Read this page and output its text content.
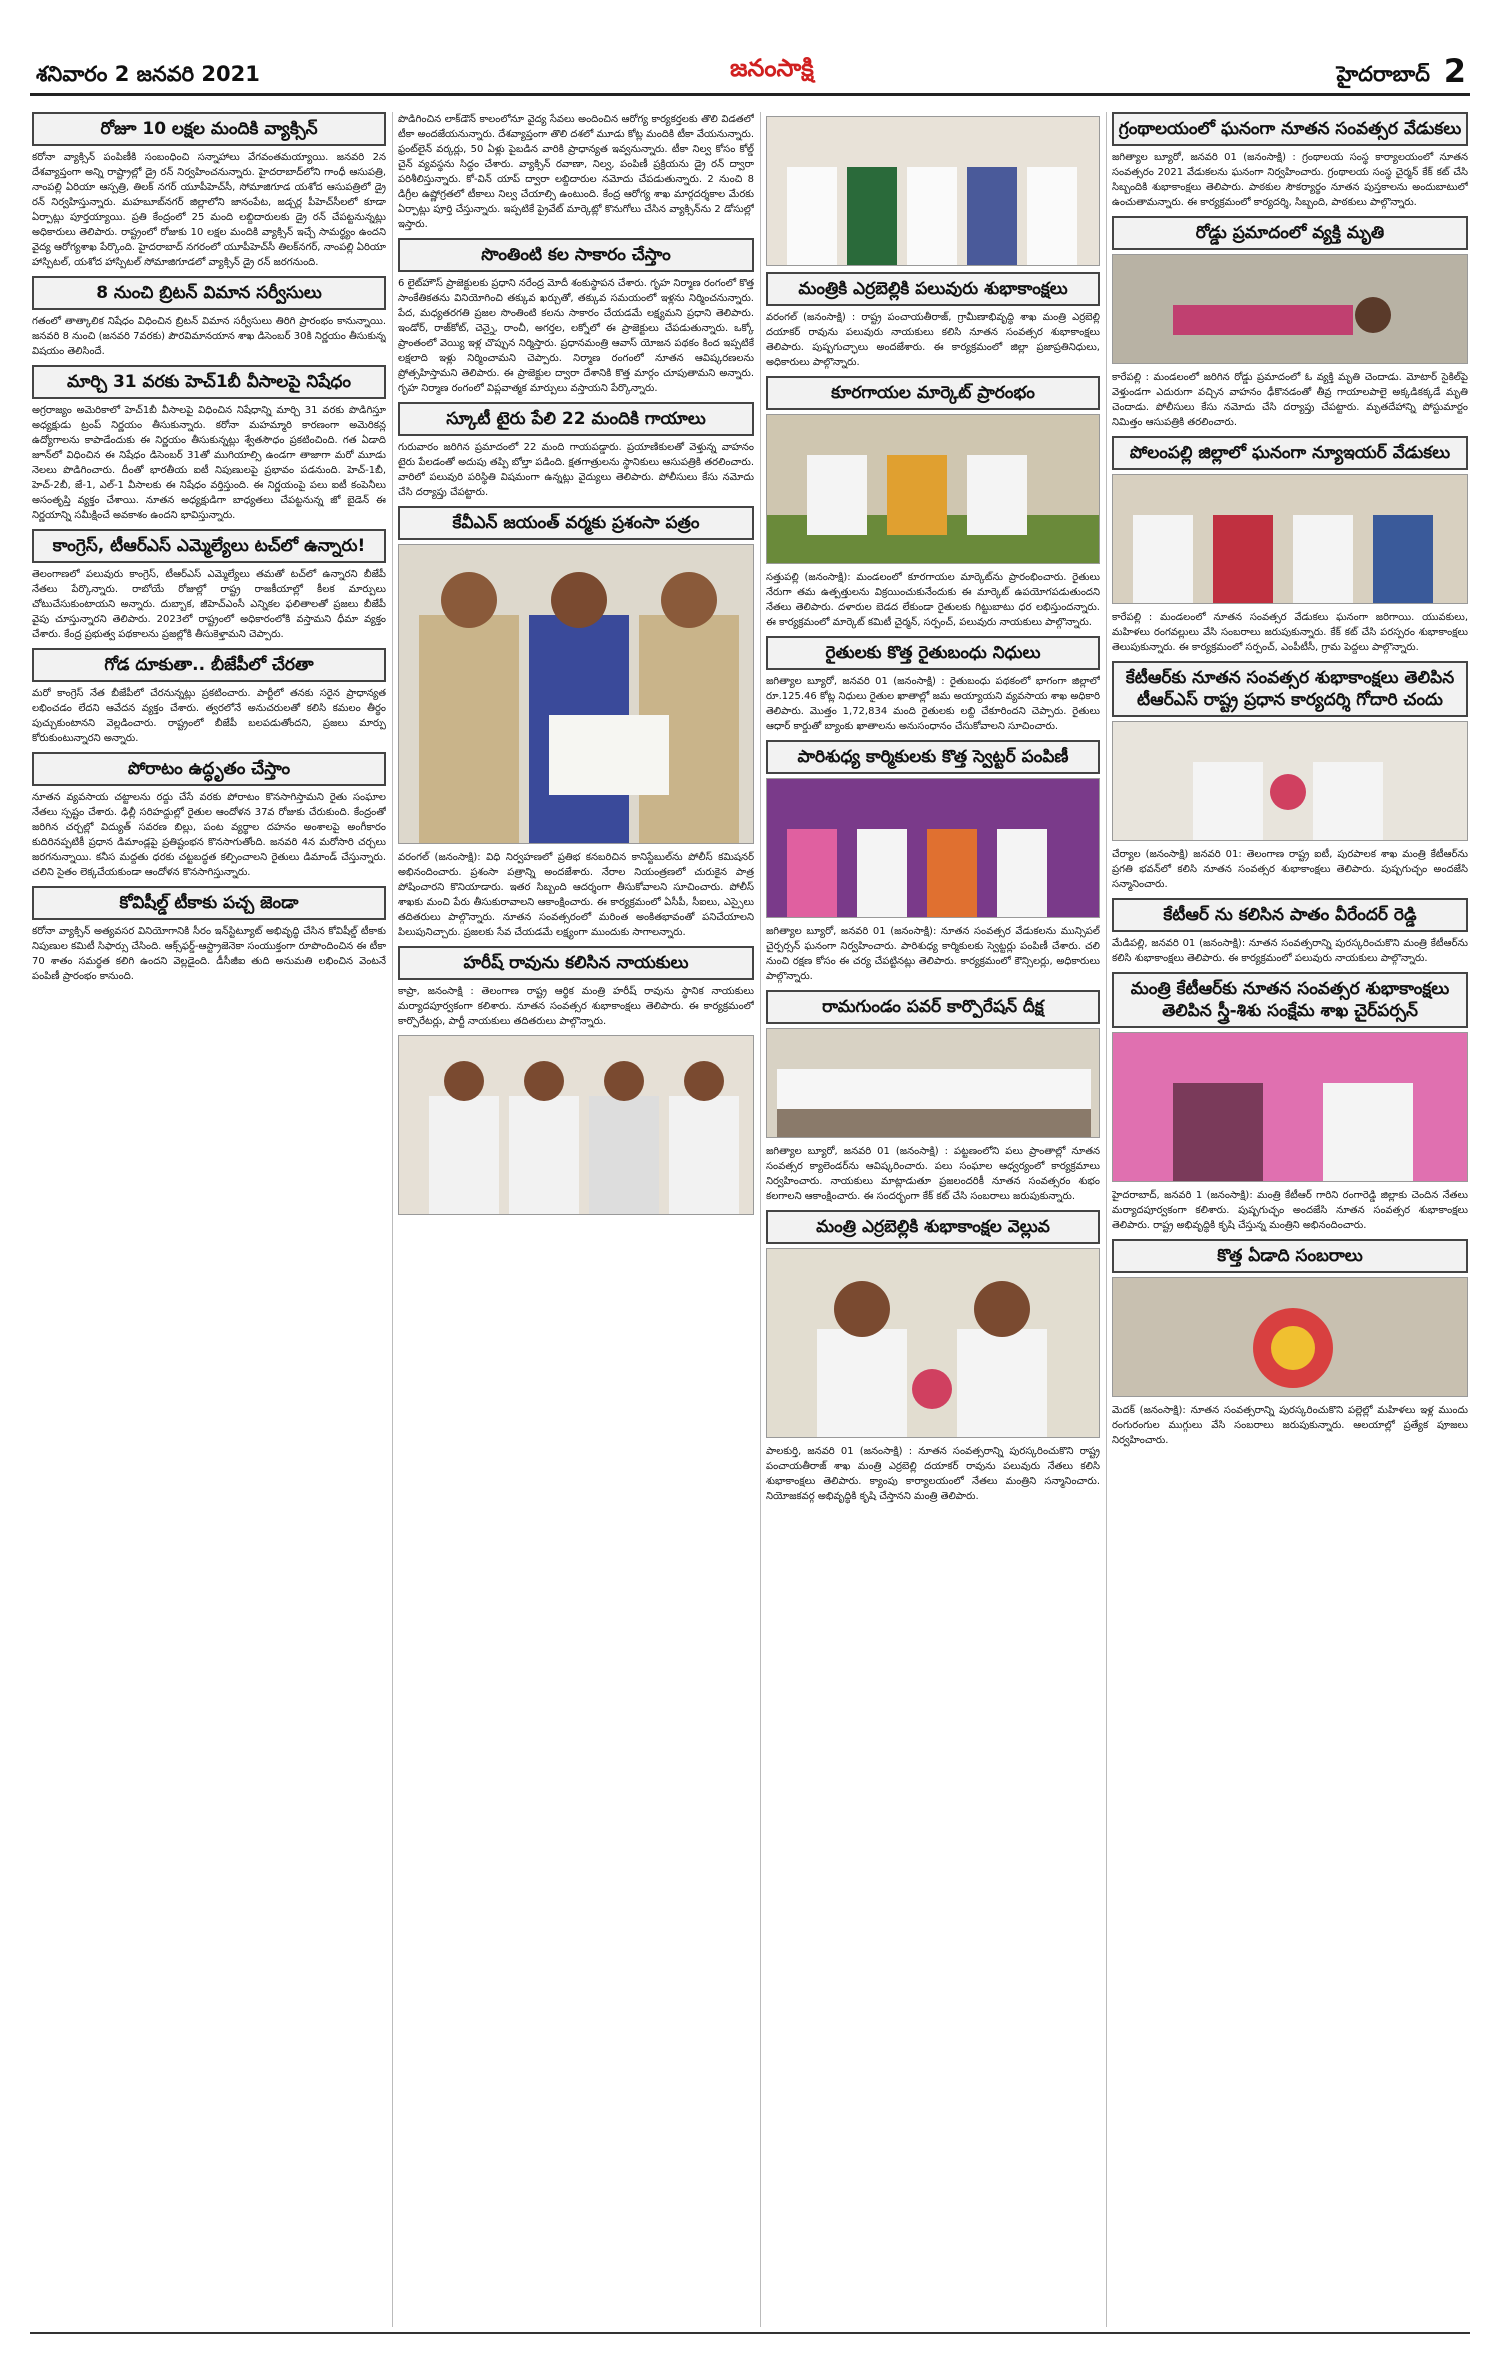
శనివారం 2 జనవరి 2021	జనంసాక్షి	హైదరాబాద్ 2
రోజూ 10 లక్షల మందికి వ్యాక్సిన్
కరోనా వ్యాక్సిన్ పంపిణీకి సంబంధించి సన్నాహాలు వేగవంతమయ్యాయి. జనవరి 2న దేశవ్యాప్తంగా అన్ని రాష్ట్రాల్లో డ్రై రన్ నిర్వహించనున్నారు. హైదరాబాద్‌లోని గాంధీ ఆసుపత్రి, నాంపల్లి ఏరియా ఆస్పత్రి, తిలక్ నగర్ యూపీహెచ్‌సీ, సోమాజిగూడ యశోద ఆసుపత్రిలో డ్రై రన్ నిర్వహిస్తున్నారు. మహబూబ్‌నగర్ జిల్లాలోని జానంపేట, జడ్చర్ల పీహెచ్‌సీలలో కూడా ఏర్పాట్లు పూర్తయ్యాయి. ప్రతి కేంద్రంలో 25 మంది లబ్దిదారులకు డ్రై రన్ చేపట్టనున్నట్లు అధికారులు తెలిపారు. రాష్ట్రంలో రోజుకు 10 లక్షల మందికి వ్యాక్సిన్ ఇచ్చే సామర్థ్యం ఉందని వైద్య ఆరోగ్యశాఖ పేర్కొంది. హైదరాబాద్ నగరంలో యూపీహెచ్‌సీ తిలక్‌నగర్, నాంపల్లి ఏరియా హాస్పిటల్, యశోద హాస్పిటల్ సోమాజిగూడలో వ్యాక్సిన్ డ్రై రన్ జరగనుంది.
8 నుంచి బ్రిటన్ విమాన సర్వీసులు
గతంలో తాత్కాలిక నిషేధం విధించిన బ్రిటన్ విమాన సర్వీసులు తిరిగి ప్రారంభం కానున్నాయి. జనవరి 8 నుంచి (జనవరి 7వరకు) పౌరవిమానయాన శాఖ డిసెంబర్ 30కి నిర్ణయం తీసుకున్న విషయం తెలిసిందే.
మార్చి 31 వరకు హెచ్1బీ వీసాలపై నిషేధం
అగ్రరాజ్యం అమెరికాలో హెచ్1బీ వీసాలపై విధించిన నిషేధాన్ని మార్చి 31 వరకు పొడిగిస్తూ అధ్యక్షుడు ట్రంప్ నిర్ణయం తీసుకున్నారు. కరోనా మహమ్మారి కారణంగా అమెరికన్ల ఉద్యోగాలను కాపాడేందుకు ఈ నిర్ణయం తీసుకున్నట్లు శ్వేతసౌధం ప్రకటించింది. గత ఏడాది జూన్‌లో విధించిన ఈ నిషేధం డిసెంబర్ 31తో ముగియాల్సి ఉండగా తాజాగా మరో మూడు నెలలు పొడిగించారు. దీంతో భారతీయ ఐటీ నిపుణులపై ప్రభావం పడనుంది. హెచ్-1బీ, హెచ్-2బీ, జే-1, ఎల్-1 వీసాలకు ఈ నిషేధం వర్తిస్తుంది. ఈ నిర్ణయంపై పలు ఐటీ కంపెనీలు అసంతృప్తి వ్యక్తం చేశాయి. నూతన అధ్యక్షుడిగా బాధ్యతలు చేపట్టనున్న జో బైడెన్ ఈ నిర్ణయాన్ని సమీక్షించే అవకాశం ఉందని భావిస్తున్నారు.
కాంగ్రెస్, టీఆర్‌ఎస్ ఎమ్మెల్యేలు టచ్‌లో ఉన్నారు!
తెలంగాణలో పలువురు కాంగ్రెస్, టీఆర్‌ఎస్ ఎమ్మెల్యేలు తమతో టచ్‌లో ఉన్నారని బీజేపీ నేతలు పేర్కొన్నారు. రాబోయే రోజుల్లో రాష్ట్ర రాజకీయాల్లో కీలక మార్పులు చోటుచేసుకుంటాయని అన్నారు. దుబ్బాక, జీహెచ్‌ఎంసీ ఎన్నికల ఫలితాలతో ప్రజలు బీజేపీ వైపు చూస్తున్నారని తెలిపారు. 2023లో రాష్ట్రంలో అధికారంలోకి వస్తామని ధీమా వ్యక్తం చేశారు. కేంద్ర ప్రభుత్వ పథకాలను ప్రజల్లోకి తీసుకెళ్తామని చెప్పారు.
గోడ దూకుతా.. బీజేపీలో చేరతా
మరో కాంగ్రెస్ నేత బీజేపీలో చేరనున్నట్లు ప్రకటించారు. పార్టీలో తనకు సరైన ప్రాధాన్యత లభించడం లేదని ఆవేదన వ్యక్తం చేశారు. త్వరలోనే అనుచరులతో కలిసి కమలం తీర్థం పుచ్చుకుంటానని వెల్లడించారు. రాష్ట్రంలో బీజేపీ బలపడుతోందని, ప్రజలు మార్పు కోరుకుంటున్నారని అన్నారు.
పోరాటం ఉద్ధృతం చేస్తాం
నూతన వ్యవసాయ చట్టాలను రద్దు చేసే వరకు పోరాటం కొనసాగిస్తామని రైతు సంఘాల నేతలు స్పష్టం చేశారు. ఢిల్లీ సరిహద్దుల్లో రైతుల ఆందోళన 37వ రోజుకు చేరుకుంది. కేంద్రంతో జరిగిన చర్చల్లో విద్యుత్ సవరణ బిల్లు, పంట వ్యర్థాల దహనం అంశాలపై అంగీకారం కుదిరినప్పటికీ ప్రధాన డిమాండ్లపై ప్రతిష్టంభన కొనసాగుతోంది. జనవరి 4న మరోసారి చర్చలు జరగనున్నాయి. కనీస మద్దతు ధరకు చట్టబద్ధత కల్పించాలని రైతులు డిమాండ్ చేస్తున్నారు. చలిని సైతం లెక్కచేయకుండా ఆందోళన కొనసాగిస్తున్నారు.
కోవిషీల్డ్ టీకాకు పచ్చ జెండా
కరోనా వ్యాక్సిన్ అత్యవసర వినియోగానికి సీరం ఇన్‌స్టిట్యూట్ అభివృద్ధి చేసిన కోవిషీల్డ్ టీకాకు నిపుణుల కమిటీ సిఫార్సు చేసింది. ఆక్స్‌ఫర్డ్-ఆస్ట్రాజెనెకా సంయుక్తంగా రూపొందించిన ఈ టీకా 70 శాతం సమర్థత కలిగి ఉందని వెల్లడైంది. డీసీజీఐ తుది అనుమతి లభించిన వెంటనే పంపిణీ ప్రారంభం కానుంది.
పొడిగించిన లాక్‌డౌన్ కాలంలోనూ వైద్య సేవలు అందించిన ఆరోగ్య కార్యకర్తలకు తొలి విడతలో టీకా అందజేయనున్నారు. దేశవ్యాప్తంగా తొలి దశలో మూడు కోట్ల మందికి టీకా వేయనున్నారు. ఫ్రంట్‌లైన్ వర్కర్లు, 50 ఏళ్లు పైబడిన వారికి ప్రాధాన్యత ఇవ్వనున్నారు. టీకా నిల్వ కోసం కోల్డ్ చైన్ వ్యవస్థను సిద్ధం చేశారు. వ్యాక్సిన్ రవాణా, నిల్వ, పంపిణీ ప్రక్రియను డ్రై రన్ ద్వారా పరిశీలిస్తున్నారు. కో-విన్ యాప్ ద్వారా లబ్దిదారుల నమోదు చేపడుతున్నారు. 2 నుంచి 8 డిగ్రీల ఉష్ణోగ్రతలో టీకాలు నిల్వ చేయాల్సి ఉంటుంది. కేంద్ర ఆరోగ్య శాఖ మార్గదర్శకాల మేరకు ఏర్పాట్లు పూర్తి చేస్తున్నారు. ఇప్పటికే ప్రైవేట్ మార్కెట్లో కొనుగోలు చేసిన వ్యాక్సిన్‌ను 2 డోసుల్లో ఇస్తారు.
సొంతింటి కల సాకారం చేస్తాం
6 లైట్‌హౌస్ ప్రాజెక్టులకు ప్రధాని నరేంద్ర మోదీ శంకుస్థాపన చేశారు. గృహ నిర్మాణ రంగంలో కొత్త సాంకేతికతను వినియోగించి తక్కువ ఖర్చుతో, తక్కువ సమయంలో ఇళ్లను నిర్మించనున్నారు. పేద, మధ్యతరగతి ప్రజల సొంతింటి కలను సాకారం చేయడమే లక్ష్యమని ప్రధాని తెలిపారు. ఇండోర్, రాజ్‌కోట్, చెన్నై, రాంచీ, అగర్తల, లక్నోలో ఈ ప్రాజెక్టులు చేపడుతున్నారు. ఒక్కో ప్రాంతంలో వెయ్యి ఇళ్ల చొప్పున నిర్మిస్తారు. ప్రధానమంత్రి ఆవాస్ యోజన పథకం కింద ఇప్పటికే లక్షలాది ఇళ్లు నిర్మించామని చెప్పారు. నిర్మాణ రంగంలో నూతన ఆవిష్కరణలను ప్రోత్సహిస్తామని తెలిపారు. ఈ ప్రాజెక్టుల ద్వారా దేశానికి కొత్త మార్గం చూపుతామని అన్నారు. గృహ నిర్మాణ రంగంలో విప్లవాత్మక మార్పులు వస్తాయని పేర్కొన్నారు.
స్కూటీ టైరు పేలి 22 మందికి గాయాలు
గురువారం జరిగిన ప్రమాదంలో 22 మంది గాయపడ్డారు. ప్రయాణికులతో వెళ్తున్న వాహనం టైరు పేలడంతో అదుపు తప్పి బోల్తా పడింది. క్షతగాత్రులను స్థానికులు ఆసుపత్రికి తరలించారు. వారిలో పలువురి పరిస్థితి విషమంగా ఉన్నట్లు వైద్యులు తెలిపారు. పోలీసులు కేసు నమోదు చేసి దర్యాప్తు చేపట్టారు.
కేవీఎన్ జయంత్ వర్మకు ప్రశంసా పత్రం
వరంగల్ (జనంసాక్షి): విధి నిర్వహణలో ప్రతిభ కనబరిచిన కానిస్టేబుల్‌ను పోలీస్ కమిషనర్ అభినందించారు. ప్రశంసా పత్రాన్ని అందజేశారు. నేరాల నియంత్రణలో చురుకైన పాత్ర పోషించారని కొనియాడారు. ఇతర సిబ్బంది ఆదర్శంగా తీసుకోవాలని సూచించారు. పోలీస్ శాఖకు మంచి పేరు తీసుకురావాలని ఆకాంక్షించారు. ఈ కార్యక్రమంలో ఏసీపీ, సీఐలు, ఎస్సైలు తదితరులు పాల్గొన్నారు. నూతన సంవత్సరంలో మరింత అంకితభావంతో పనిచేయాలని పిలుపునిచ్చారు. ప్రజలకు సేవ చేయడమే లక్ష్యంగా ముందుకు సాగాలన్నారు.
హరీష్ రావును కలిసిన నాయకులు
కాప్రా, జనంసాక్షి : తెలంగాణ రాష్ట్ర ఆర్థిక మంత్రి హరీష్ రావును స్థానిక నాయకులు మర్యాదపూర్వకంగా కలిశారు. నూతన సంవత్సర శుభాకాంక్షలు తెలిపారు. ఈ కార్యక్రమంలో కార్పొరేటర్లు, పార్టీ నాయకులు తదితరులు పాల్గొన్నారు.
మంత్రికి ఎర్రబెల్లికి పలువురు శుభాకాంక్షలు
వరంగల్ (జనంసాక్షి) : రాష్ట్ర పంచాయతీరాజ్, గ్రామీణాభివృద్ధి శాఖ మంత్రి ఎర్రబెల్లి దయాకర్ రావును పలువురు నాయకులు కలిసి నూతన సంవత్సర శుభాకాంక్షలు తెలిపారు. పుష్పగుచ్ఛాలు అందజేశారు. ఈ కార్యక్రమంలో జిల్లా ప్రజాప్రతినిధులు, అధికారులు పాల్గొన్నారు.
కూరగాయల మార్కెట్ ప్రారంభం
సత్తుపల్లి (జనంసాక్షి): మండలంలో కూరగాయల మార్కెట్‌ను ప్రారంభించారు. రైతులు నేరుగా తమ ఉత్పత్తులను విక్రయించుకునేందుకు ఈ మార్కెట్ ఉపయోగపడుతుందని నేతలు తెలిపారు. దళారుల బెడద లేకుండా రైతులకు గిట్టుబాటు ధర లభిస్తుందన్నారు. ఈ కార్యక్రమంలో మార్కెట్ కమిటీ చైర్మన్, సర్పంచ్, పలువురు నాయకులు పాల్గొన్నారు.
రైతులకు కొత్త రైతుబంధు నిధులు
జగిత్యాల బ్యూరో, జనవరి 01 (జనంసాక్షి) : రైతుబంధు పథకంలో భాగంగా జిల్లాలో రూ.125.46 కోట్ల నిధులు రైతుల ఖాతాల్లో జమ అయ్యాయని వ్యవసాయ శాఖ అధికారి తెలిపారు. మొత్తం 1,72,834 మంది రైతులకు లబ్ది చేకూరిందని చెప్పారు. రైతులు ఆధార్ కార్డుతో బ్యాంకు ఖాతాలను అనుసంధానం చేసుకోవాలని సూచించారు.
పారిశుధ్య కార్మికులకు కొత్త స్వెట్టర్ పంపిణీ
జగిత్యాల బ్యూరో, జనవరి 01 (జనంసాక్షి): నూతన సంవత్సర వేడుకలను మున్సిపల్ చైర్పర్సన్ ఘనంగా నిర్వహించారు. పారిశుధ్య కార్మికులకు స్వెట్టర్లు పంపిణీ చేశారు. చలి నుంచి రక్షణ కోసం ఈ చర్య చేపట్టినట్లు తెలిపారు. కార్యక్రమంలో కౌన్సిలర్లు, అధికారులు పాల్గొన్నారు.
రామగుండం పవర్ కార్పొరేషన్‌ దీక్ష
జగిత్యాల బ్యూరో, జనవరి 01 (జనంసాక్షి) : పట్టణంలోని పలు ప్రాంతాల్లో నూతన సంవత్సర క్యాలెండర్‌ను ఆవిష్కరించారు. పలు సంఘాల ఆధ్వర్యంలో కార్యక్రమాలు నిర్వహించారు. నాయకులు మాట్లాడుతూ ప్రజలందరికీ నూతన సంవత్సరం శుభం కలగాలని ఆకాంక్షించారు. ఈ సందర్భంగా కేక్ కట్ చేసి సంబరాలు జరుపుకున్నారు.
మంత్రి ఎర్రబెల్లికి శుభాకాంక్షల వెల్లువ
పాలకుర్తి, జనవరి 01 (జనంసాక్షి) : నూతన సంవత్సరాన్ని పురస్కరించుకొని రాష్ట్ర పంచాయతీరాజ్ శాఖ మంత్రి ఎర్రబెల్లి దయాకర్ రావును పలువురు నేతలు కలిసి శుభాకాంక్షలు తెలిపారు. క్యాంపు కార్యాలయంలో నేతలు మంత్రిని సన్మానించారు. నియోజకవర్గ అభివృద్ధికి కృషి చేస్తానని మంత్రి తెలిపారు.
గ్రంథాలయంలో ఘనంగా నూతన సంవత్సర వేడుకలు
జగిత్యాల బ్యూరో, జనవరి 01 (జనంసాక్షి) : గ్రంథాలయ సంస్థ కార్యాలయంలో నూతన సంవత్సరం 2021 వేడుకలను ఘనంగా నిర్వహించారు. గ్రంథాలయ సంస్థ చైర్మన్ కేక్ కట్ చేసి సిబ్బందికి శుభాకాంక్షలు తెలిపారు. పాఠకుల సౌకర్యార్థం నూతన పుస్తకాలను అందుబాటులో ఉంచుతామన్నారు. ఈ కార్యక్రమంలో కార్యదర్శి, సిబ్బంది, పాఠకులు పాల్గొన్నారు.
రోడ్డు ప్రమాదంలో వ్యక్తి మృతి
కారేపల్లి : మండలంలో జరిగిన రోడ్డు ప్రమాదంలో ఓ వ్యక్తి మృతి చెందాడు. మోటార్ సైకిల్‌పై వెళ్తుండగా ఎదురుగా వచ్చిన వాహనం ఢీకొనడంతో తీవ్ర గాయాలపాలై అక్కడికక్కడే మృతి చెందాడు. పోలీసులు కేసు నమోదు చేసి దర్యాప్తు చేపట్టారు. మృతదేహాన్ని పోస్టుమార్టం నిమిత్తం ఆసుపత్రికి తరలించారు.
పోలంపల్లి జిల్లాలో ఘనంగా న్యూఇయర్ వేడుకలు
కారేపల్లి : మండలంలో నూతన సంవత్సర వేడుకలు ఘనంగా జరిగాయి. యువకులు, మహిళలు రంగవల్లులు వేసి సంబరాలు జరుపుకున్నారు. కేక్ కట్ చేసి పరస్పరం శుభాకాంక్షలు తెలుపుకున్నారు. ఈ కార్యక్రమంలో సర్పంచ్, ఎంపీటీసీ, గ్రామ పెద్దలు పాల్గొన్నారు.
కేటీఆర్‌కు నూతన సంవత్సర శుభాకాంక్షలు తెలిపిన టీఆర్‌ఎస్ రాష్ట్ర ప్రధాన కార్యదర్శి గోదారి చందు
చేర్యాల (జనంసాక్షి) జనవరి 01: తెలంగాణ రాష్ట్ర ఐటీ, పురపాలక శాఖ మంత్రి కేటీఆర్‌ను ప్రగతి భవన్‌లో కలిసి నూతన సంవత్సర శుభాకాంక్షలు తెలిపారు. పుష్పగుచ్ఛం అందజేసి సన్మానించారు.
కేటీఆర్ ను కలిసిన పాతం వీరేందర్ రెడ్డి
మేడిపల్లి, జనవరి 01 (జనంసాక్షి): నూతన సంవత్సరాన్ని పురస్కరించుకొని మంత్రి కేటీఆర్‌ను కలిసి శుభాకాంక్షలు తెలిపారు. ఈ కార్యక్రమంలో పలువురు నాయకులు పాల్గొన్నారు.
మంత్రి కేటీఆర్‌కు నూతన సంవత్సర శుభాకాంక్షలు తెలిపిన స్త్రీ-శిశు సంక్షేమ శాఖ చైర్‌పర్సన్
హైదరాబాద్, జనవరి 1 (జనంసాక్షి): మంత్రి కేటీఆర్ గారిని రంగారెడ్డి జిల్లాకు చెందిన నేతలు మర్యాదపూర్వకంగా కలిశారు. పుష్పగుచ్ఛం అందజేసి నూతన సంవత్సర శుభాకాంక్షలు తెలిపారు. రాష్ట్ర అభివృద్ధికి కృషి చేస్తున్న మంత్రిని అభినందించారు.
కొత్త ఏడాది సంబరాలు
మెదక్ (జనంసాక్షి): నూతన సంవత్సరాన్ని పురస్కరించుకొని పల్లెల్లో మహిళలు ఇళ్ల ముందు రంగురంగుల ముగ్గులు వేసి సంబరాలు జరుపుకున్నారు. ఆలయాల్లో ప్రత్యేక పూజలు నిర్వహించారు.
